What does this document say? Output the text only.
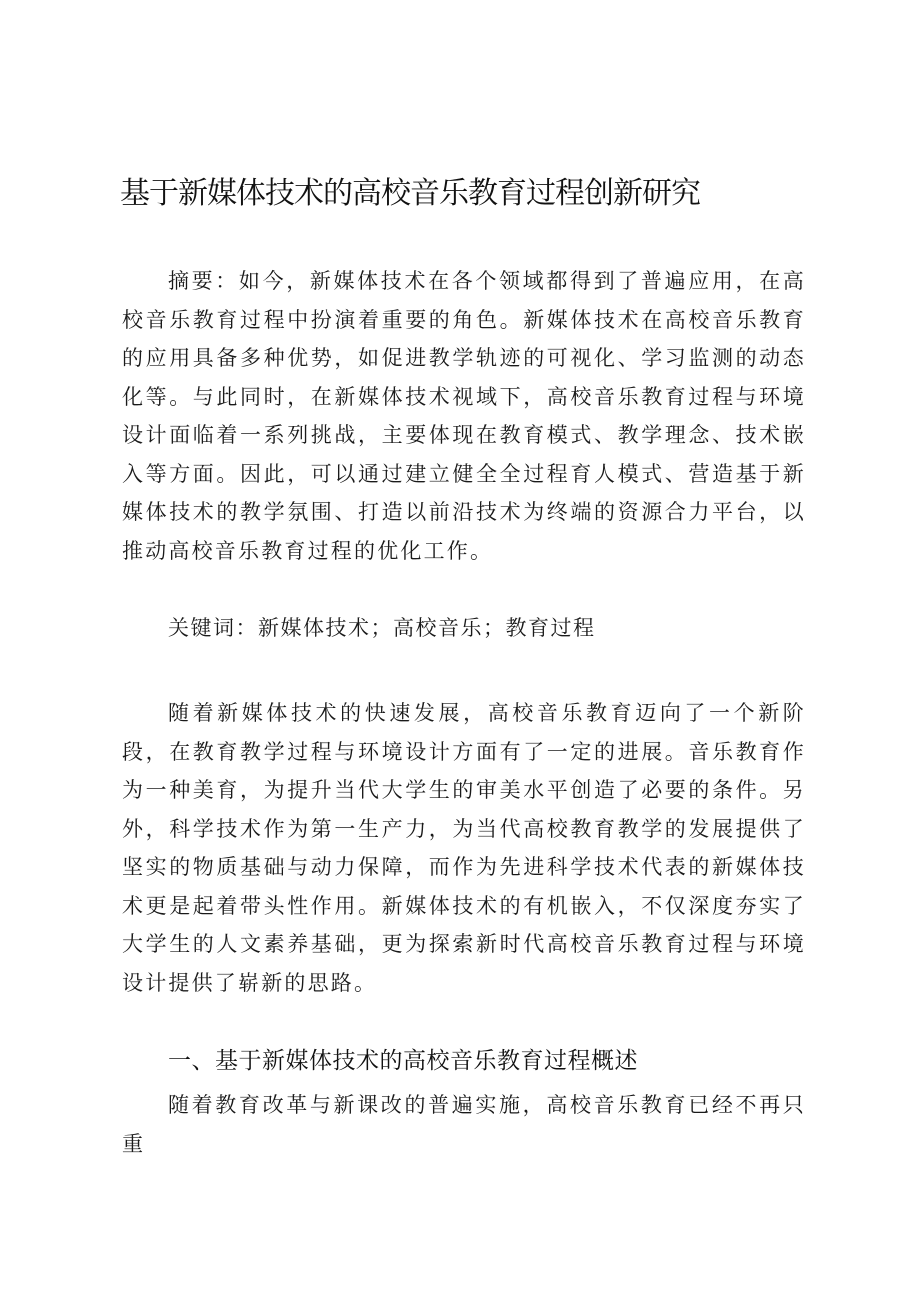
基于新媒体技术的高校音乐教育过程创新研究

摘要：如今，新媒体技术在各个领域都得到了普遍应用，在高校音乐教育过程中扮演着重要的角色。新媒体技术在高校音乐教育的应用具备多种优势，如促进教学轨迹的可视化、学习监测的动态化等。与此同时，在新媒体技术视域下，高校音乐教育过程与环境设计面临着一系列挑战，主要体现在教育模式、教学理念、技术嵌入等方面。因此，可以通过建立健全全过程育人模式、营造基于新媒体技术的教学氛围、打造以前沿技术为终端的资源合力平台，以推动高校音乐教育过程的优化工作。

关键词：新媒体技术；高校音乐；教育过程

随着新媒体技术的快速发展，高校音乐教育迈向了一个新阶段，在教育教学过程与环境设计方面有了一定的进展。音乐教育作为一种美育，为提升当代大学生的审美水平创造了必要的条件。另外，科学技术作为第一生产力，为当代高校教育教学的发展提供了坚实的物质基础与动力保障，而作为先进科学技术代表的新媒体技术更是起着带头性作用。新媒体技术的有机嵌入，不仅深度夯实了大学生的人文素养基础，更为探索新时代高校音乐教育过程与环境设计提供了崭新的思路。

一、基于新媒体技术的高校音乐教育过程概述

随着教育改革与新课改的普遍实施，高校音乐教育已经不再只重
